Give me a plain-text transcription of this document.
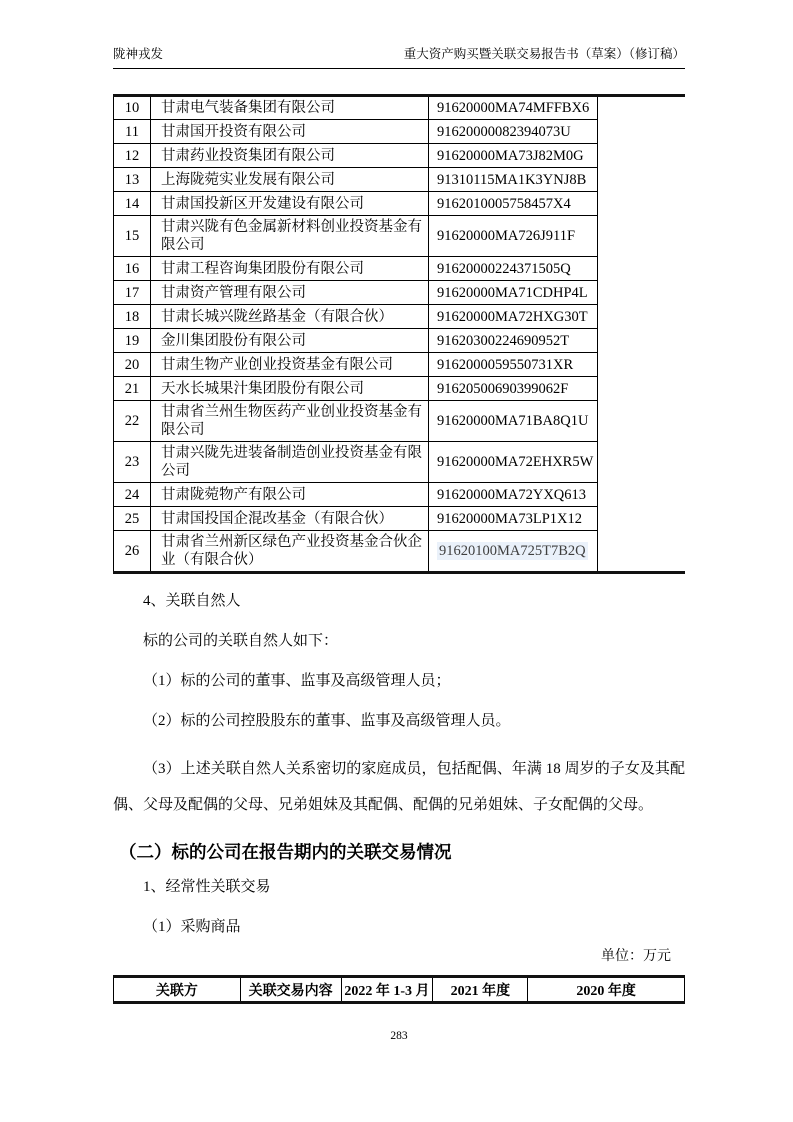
陇神戎发	重大资产购买暨关联交易报告书（草案）（修订稿）
10	甘肃电气装备集团有限公司	91620000MA74MFFBX6	
11	甘肃国开投资有限公司	91620000082394073U	
12	甘肃药业投资集团有限公司	91620000MA73J82M0G	
13	上海陇菀实业发展有限公司	91310115MA1K3YNJ8B	
14	甘肃国投新区开发建设有限公司	9162010005758457X4	
15	甘肃兴陇有色金属新材料创业投资基金有限公司	91620000MA726J911F	
16	甘肃工程咨询集团股份有限公司	91620000224371505Q	
17	甘肃资产管理有限公司	91620000MA71CDHP4L	
18	甘肃长城兴陇丝路基金（有限合伙）	91620000MA72HXG30T	
19	金川集团股份有限公司	91620300224690952T	
20	甘肃生物产业创业投资基金有限公司	9162000059550731XR	
21	天水长城果汁集团股份有限公司	91620500690399062F	
22	甘肃省兰州生物医药产业创业投资基金有限公司	91620000MA71BA8Q1U	
23	甘肃兴陇先进装备制造创业投资基金有限公司	91620000MA72EHXR5W	
24	甘肃陇菀物产有限公司	91620000MA72YXQ613	
25	甘肃国投国企混改基金（有限合伙）	91620000MA73LP1X12	
26	甘肃省兰州新区绿色产业投资基金合伙企业（有限合伙）	91620100MA725T7B2Q	

4、关联自然人

标的公司的关联自然人如下：

（1）标的公司的董事、监事及高级管理人员；

（2）标的公司控股股东的董事、监事及高级管理人员。

（3）上述关联自然人关系密切的家庭成员，包括配偶、年满 18 周岁的子女及其配偶、父母及配偶的父母、兄弟姐妹及其配偶、配偶的兄弟姐妹、子女配偶的父母。

（二）标的公司在报告期内的关联交易情况

1、经常性关联交易

（1）采购商品

单位：万元
关联方	关联交易内容	2022 年 1-3 月	2021 年度	2020 年度
283
